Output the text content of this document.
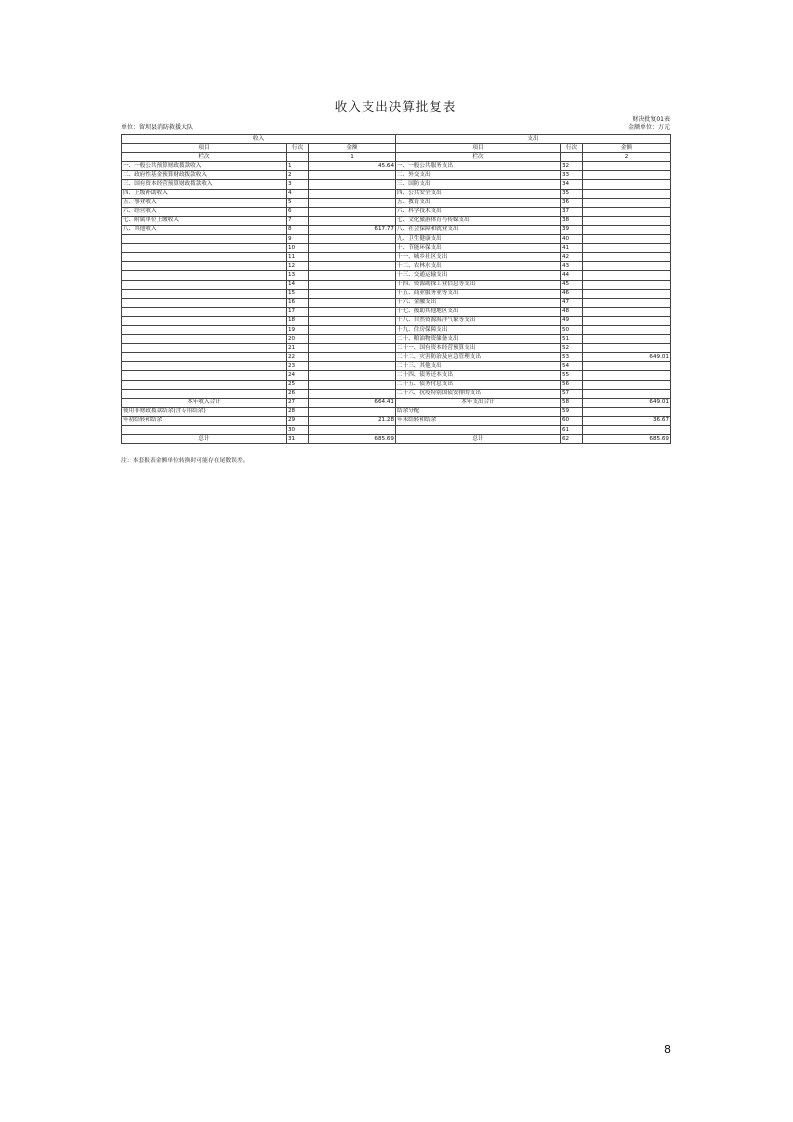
收入支出决算批复表
财决批复01表
单位：留坝县消防救援大队	金额单位：万元
收入			支出		
项目	行次	金额	项目	行次	金额
栏次		1	栏次		2
一、一般公共预算财政拨款收入	1	45.64	一、一般公共服务支出	32	
二、政府性基金预算财政拨款收入	2		二、外交支出	33	
三、国有资本经营预算财政拨款收入	3		三、国防支出	34	
四、上级补助收入	4		四、公共安全支出	35	
五、事业收入	5		五、教育支出	36	
六、经营收入	6		六、科学技术支出	37	
七、附属单位上缴收入	7		七、文化旅游体育与传媒支出	38	
八、其他收入	8	617.77	八、社会保障和就业支出	39	
	9		九、卫生健康支出	40	
	10		十、节能环保支出	41	
	11		十一、城乡社区支出	42	
	12		十二、农林水支出	43	
	13		十三、交通运输支出	44	
	14		十四、资源勘探工业信息等支出	45	
	15		十五、商业服务业等支出	46	
	16		十六、金融支出	47	
	17		十七、援助其他地区支出	48	
	18		十八、自然资源海洋气象等支出	49	
	19		十九、住房保障支出	50	
	20		二十、粮油物资储备支出	51	
	21		二十一、国有资本经营预算支出	52	
	22		二十二、灾害防治及应急管理支出	53	649.01
	23		二十三、其他支出	54	
	24		二十四、债务还本支出	55	
	25		二十五、债务付息支出	56	
	26		二十六、抗疫特别国债安排的支出	57	
本年收入合计	27	664.41	本年支出合计	58	649.01
使用非财政拨款结余(含专用结余)	28		结余分配	59	
年初结转和结余	29	21.28	年末结转和结余	60	36.67
	30			61	
总计	31	685.69	总计	62	685.69
注：本套报表金额单位转换时可能存在尾数误差。
8
